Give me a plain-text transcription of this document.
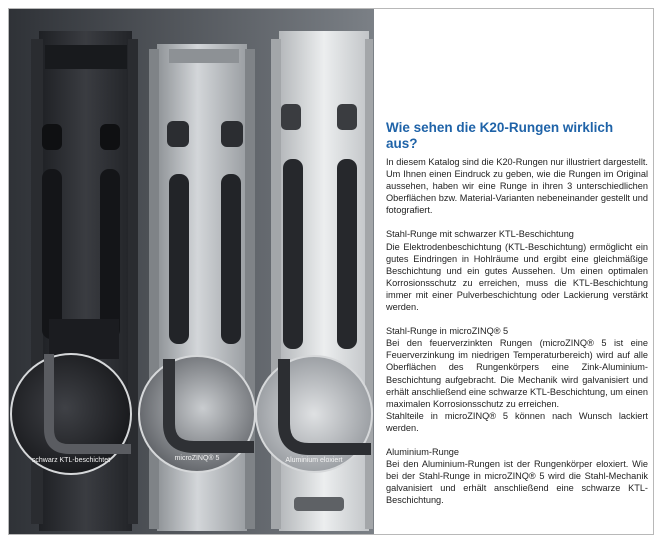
schwarz KTL-beschichtet	microZINQ® 5	Aluminium eloxiert
Wie sehen die K20-Rungen wirklich aus?

In diesem Katalog sind die K20-Rungen nur illustriert dargestellt. Um Ihnen einen Eindruck zu geben, wie die Rungen im Original aussehen, haben wir eine Runge in ihren 3 unterschiedlichen Oberflächen bzw. Material-Varianten nebeneinander gestellt und fotografiert.

Stahl-Runge mit schwarzer KTL-Beschichtung

Die Elektrodenbeschichtung (KTL-Beschichtung) ermöglicht ein gutes Eindringen in Hohlräume und ergibt eine gleichmäßige Beschichtung und ein gutes Aussehen. Um einen optimalen Korrosionsschutz zu erreichen, muss die KTL-Beschichtung immer mit einer Pulverbeschichtung oder Lackierung verstärkt werden.

Stahl-Runge in microZINQ® 5

Bei den feuerverzinkten Rungen (microZINQ® 5 ist eine Feuerverzinkung im niedrigen Temperaturbereich) wird auf alle Oberflächen des Rungenkörpers eine Zink-Aluminium-Beschichtung aufgebracht. Die Mechanik wird galvanisiert und erhält anschließend eine schwarze KTL-Beschichtung, um einen maximalen Korrosionsschutz zu erreichen.

Stahlteile in microZINQ® 5 können nach Wunsch lackiert werden.

Aluminium-Runge

Bei den Aluminium-Rungen ist der Rungenkörper eloxiert. Wie bei der Stahl-Runge in microZINQ® 5 wird die Stahl-Mechanik galvanisiert und erhält anschließend eine schwarze KTL-Beschichtung.
